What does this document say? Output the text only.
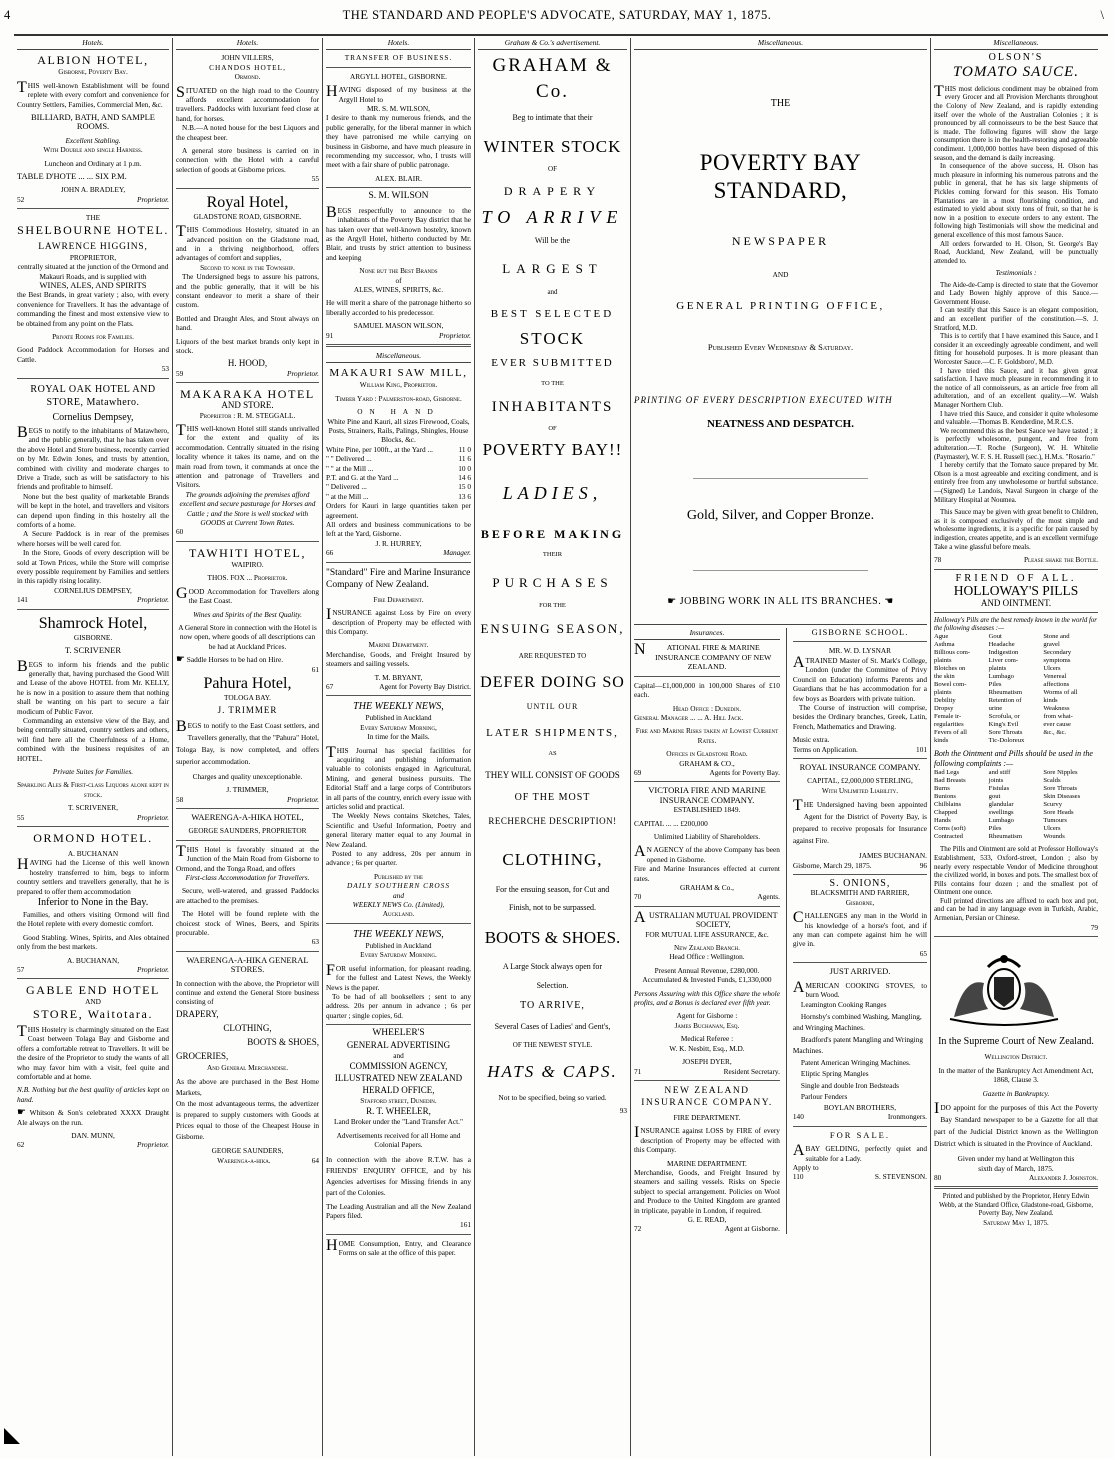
4	THE STANDARD AND PEOPLE'S ADVOCATE, SATURDAY, MAY 1, 1875.	\
Hotels.
ALBION HOTEL,
Gisborne, Poverty Bay.
THIS well-known Establishment will be found replete with every comfort and convenience for Country Settlers, Families, Commercial Men, &c.
BILLIARD, BATH, AND SAMPLE ROOMS.
Excellent Stabling.
With Double and single Harness.
Luncheon and Ordinary at 1 p.m.
TABLE D'HOTE ... ... SIX P.M.
JOHN A. BRADLEY,
52	Proprietor.
THE
SHELBOURNE HOTEL.
LAWRENCE HIGGINS,
PROPRIETOR,
centrally situated at the junction of the Ormond and Makauri Roads, and is supplied with
WINES, ALES, AND SPIRITS
the Best Brands, in great variety ; also, with every convenience for Travellers. It has the advantage of commanding the finest and most extensive view to be obtained from any point on the Flats.
Private Rooms for Families.
Good Paddock Accommodation for Horses and Cattle.
53
ROYAL OAK HOTEL AND STORE, Matawhero.
Cornelius Dempsey,
BEGS to notify to the inhabitants of Matawhero, and the public generally, that he has taken over the above Hotel and Store business, recently carried on by Mr. Edwin Jones, and trusts by attention, combined with civility and moderate charges to Drive a Trade, such as will be satisfactory to his friends and profitable to himself.
None but the best quality of marketable Brands will be kept in the hotel, and travellers and visitors can depend upon finding in this hostelry all the comforts of a home.
A Secure Paddock is in rear of the premises where horses will be well cared for.
In the Store, Goods of every description will be sold at Town Prices, while the Store will comprise every possible requirement by Families and settlers in this rapidly rising locality.
CORNELIUS DEMPSEY,
141	Proprietor.
Shamrock Hotel,
GISBORNE.
T. SCRIVENER
BEGS to inform his friends and the public generally that, having purchased the Good Will and Lease of the above HOTEL from Mr. KELLY, he is now in a position to assure them that nothing shall be wanting on his part to secure a fair modicum of Public Favor.
Commanding an extensive view of the Bay, and being centrally situated, country settlers and others, will find here all the Cheerfulness of a Home, combined with the business requisites of an HOTEL.
Private Suites for Families.
Sparkling Ales & First-class Liquors alone kept in stock.
T. SCRIVENER,
55	Proprietor.
ORMOND HOTEL.
A. BUCHANAN
HAVING had the License of this well known hostelry transferred to him, begs to inform country settlers and travellers generally, that he is prepared to offer them accommodation
Inferior to None in the Bay.
Families, and others visiting Ormond will find the Hotel replete with every domestic comfort.
Good Stabling. Wines, Spirits, and Ales obtained only from the best markets.
A. BUCHANAN,
57	Proprietor.
GABLE END HOTEL
AND
STORE, Waitotara.
THIS Hostelry is charmingly situated on the East Coast between Tolaga Bay and Gisborne and offers a comfortable retreat to Travellers. It will be the desire of the Proprietor to study the wants of all who may favor him with a visit, feel quite and comfortable and at home.
N.B. Nothing but the best quality of articles kept on hand.
☛ Whitson & Son's celebrated XXXX Draught Ale always on the run.
DAN. MUNN,
62	Proprietor.
Hotels.
JOHN VILLERS,
CHANDOS HOTEL,
Ormond.
SITUATED on the high road to the Country affords excellent accommodation for travellers. Paddocks with luxuriant feed close at hand, for horses.
N.B.—A noted house for the best Liquors and the cheapest beer.
A general store business is carried on in connection with the Hotel with a careful selection of goods at Gisborne prices.
55
Royal Hotel,
GLADSTONE ROAD, GISBORNE.
THIS Commodious Hostelry, situated in an advanced position on the Gladstone road, and in a thriving neighborhood, offers advantages of comfort and supplies,
Second to none in the Township.
The Undersigned begs to assure his patrons, and the public generally, that it will be his constant endeavor to merit a share of their custom.
Bottled and Draught Ales, and Stout always on hand.
Liquors of the best market brands only kept in stock.
H. HOOD,
59	Proprietor.
MAKARAKA HOTEL
AND STORE.
Proprietor : R. M. STEGGALL.
THIS well-known Hotel still stands unrivalled for the extent and quality of its accommodation. Centrally situated in the rising locality whence it takes its name, and on the main road from town, it commands at once the attention and patronage of Travellers and Visitors.
The grounds adjoining the premises afford excellent and secure pasturage for Horses and Cattle ; and the Store is well stocked with GOODS at Current Town Rates.
60
TAWHITI HOTEL,
WAIPIRO.
THOS. FOX ... Proprietor.
GOOD Accommodation for Travellers along the East Coast.
Wines and Spirits of the Best Quality.
A General Store in connection with the Hotel is now open, where goods of all descriptions can be had at Auckland Prices.
☛ Saddle Horses to be had on Hire.
61
Pahura Hotel,
TOLOGA BAY.
J. TRIMMER
BEGS to notify to the East Coast settlers, and Travellers generally, that the "Pahura" Hotel, Tologa Bay, is now completed, and offers superior accommodation.
Charges and quality unexceptionable.
J. TRIMMER,
58	Proprietor.
WAERENGA-A-HIKA HOTEL,
GEORGE SAUNDERS, PROPRIETOR
THIS Hotel is favorably situated at the Junction of the Main Road from Gisborne to Ormond, and the Tonga Road, and offers
First-class Accommodation for Travellers.
Secure, well-watered, and grassed Paddocks are attached to the premises.
The Hotel will be found replete with the choicest stock of Wines, Beers, and Spirits procurable.
63
WAERENGA-A-HIKA GENERAL STORES.
In connection with the above, the Proprietor will continue and extend the General Store business consisting of
DRAPERY,
CLOTHING,
BOOTS & SHOES,
GROCERIES,
And General Merchandise.
As the above are purchased in the Best Home Markets,
On the most advantageous terms, the advertizer is prepared to supply customers with Goods at Prices equal to those of the Cheapest House in Gisborne.
GEORGE SAUNDERS,
Waerenga-a-hika.	64
Hotels.
TRANSFER OF BUSINESS.
ARGYLL HOTEL, GISBORNE.
HAVING disposed of my business at the Argyll Hotel to
MR. S. M. WILSON,
I desire to thank my numerous friends, and the public generally, for the liberal manner in which they have patronised me while carrying on business in Gisborne, and have much pleasure in recommending my successor, who, I trusts will meet with a fair share of public patronage.
ALEX. BLAIR.
S. M. WILSON
BEGS respectfully to announce to the inhabitants of the Poverty Bay district that he has taken over that well-known hostelry, known as the Argyll Hotel, hitherto conducted by Mr. Blair, and trusts by strict attention to business and keeping
None but the Best Brands
of
ALES, WINES, SPIRITS, &c.
He will merit a share of the patronage hitherto so liberally accorded to his predecessor.
SAMUEL MASON WILSON,
91	Proprietor.
Miscellaneous.
MAKAURI SAW MILL,
William King, Proprietor.
Timber Yard : Palmerston-road, Gisborne.
ON HAND
White Pine and Kauri, all sizes Firewood, Coals, Posts, Strainers, Rails, Palings, Shingles, House Blocks, &c.
White Pine, per 100ft., at the Yard ...	11 0
" " Delivered ...	11 6
" " at the Mill ...	10 0
P.T. and G. at the Yard ...	14 6
" Delivered ...	15 0
" at the Mill ...	13 6
Orders for Kauri in large quantities taken per agreement.
All orders and business communications to be left at the Yard, Gisborne.
J. R. HURREY,
66	Manager.
"Standard" Fire and Marine Insurance Company of New Zealand.
Fire Department.
INSURANCE against Loss by Fire on every description of Property may be effected with this Company.
Marine Department.
Merchandise, Goods, and Freight Insured by steamers and sailing vessels.
T. M. BRYANT,
67	Agent for Poverty Bay District.
THE WEEKLY NEWS,
Published in Auckland
Every Saturday Morning,
In time for the Mails.
THIS Journal has special facilities for acquiring and publishing information valuable to colonists engaged in Agricultural, Mining, and general business pursuits. The Editorial Staff and a large corps of Contributors in all parts of the country, enrich every issue with articles solid and practical.
The Weekly News contains Sketches, Tales, Scientific and Useful Information, Poetry and general literary matter equal to any Journal in New Zealand.
Posted to any address, 20s per annum in advance ; 6s per quarter.
Published by the
DAILY SOUTHERN CROSS
and
WEEKLY NEWS Co. (Limited),
Auckland.
THE WEEKLY NEWS,
Published in Auckland
Every Saturday Morning.
FOR useful information, for pleasant reading, for the fullest and Latest News, the Weekly News is the paper.
To be had of all booksellers ; sent to any address. 20s per annum in advance ; 6s per quarter ; single copies, 6d.
WHEELER'S
GENERAL ADVERTISING
and
COMMISSION AGENCY,
ILLUSTRATED NEW ZEALAND
HERALD OFFICE,
Stafford street, Dunedin.
R. T. WHEELER,
Land Broker under the "Land Transfer Act."
Advertisements received for all Home and Colonial Papers.
In connection with the above R.T.W. has a FRIENDS' ENQUIRY OFFICE, and by his Agencies advertises for Missing friends in any part of the Colonies.
The Leading Australian and all the New Zealand Papers filed.
161
HOME Consumption, Entry, and Clearance Forms on sale at the office of this paper.
Graham & Co.'s advertisement.
GRAHAM & Co.
Beg to intimate that their
WINTER STOCK
OF
DRAPERY
TO ARRIVE
Will be the
LARGEST
and
BEST SELECTED
STOCK
EVER SUBMITTED
TO THE
INHABITANTS
OF
POVERTY BAY!!
LADIES,
BEFORE MAKING
THEIR
PURCHASES
FOR THE
ENSUING SEASON,
ARE REQUESTED TO
DEFER DOING SO
UNTIL OUR
LATER SHIPMENTS,
AS
THEY WILL CONSIST OF GOODS
OF THE MOST
RECHERCHE DESCRIPTION!
CLOTHING,
For the ensuing season, for Cut and
Finish, not to be surpassed.
BOOTS & SHOES.
A Large Stock always open for
Selection.
TO ARRIVE,
Several Cases of Ladies' and Gent's,
OF THE NEWEST STYLE.
HATS & CAPS.
Not to be specified, being so varied.
93
Miscellaneous.
THE
POVERTY BAY STANDARD,
NEWSPAPER
AND
GENERAL PRINTING OFFICE,
Published Every Wednesday & Saturday.
PRINTING OF EVERY DESCRIPTION EXECUTED WITH
NEATNESS AND DESPATCH.
Gold, Silver, and Copper Bronze.
☛ JOBBING WORK IN ALL ITS BRANCHES. ☚
Insurances.
NATIONAL FIRE & MARINE INSURANCE COMPANY OF NEW ZEALAND.
Capital—£1,000,000 in 100,000 Shares of £10 each.
Head Office : Dunedin.
General Manager ... ... A. Hill Jack.
Fire and Marine Risks taken at Lowest Current Rates.
Offices in Gladstone Road.
GRAHAM & CO.,
69	Agents for Poverty Bay.
VICTORIA FIRE AND MARINE INSURANCE COMPANY.
ESTABLISHED 1849.
CAPITAL ... ... £200,000
Unlimited Liability of Shareholders.
AN AGENCY of the above Company has been opened in Gisborne.
Fire and Marine Insurances effected at current rates.
GRAHAM & Co.,
70	Agents.
AUSTRALIAN MUTUAL PROVIDENT SOCIETY,
FOR MUTUAL LIFE ASSURANCE, &c.
New Zealand Branch.
Head Office : Wellington.
Present Annual Revenue, £280,000.
Accumulated & Invested Funds, £1,330,000
Persons Assuring with this Office share the whole profits, and a Bonus is declared ever fifth year.
Agent for Gisborne :
James Buchanan, Esq.
Medical Referee :
W. K. Nesbitt, Esq., M.D.
JOSEPH DYER,
71	Resident Secretary.
NEW ZEALAND INSURANCE COMPANY.
FIRE DEPARTMENT.
INSURANCE against LOSS by FIRE of every description of Property may be effected with this Company.
MARINE DEPARTMENT.
Merchandise, Goods, and Freight Insured by steamers and sailing vessels. Risks on Specie subject to special arrangement. Policies on Wool and Produce to the United Kingdom are granted in triplicate, payable in London, if required.
G. E. READ,
72	Agent at Gisborne.
GISBORNE SCHOOL.
MR. W. D. LYSNAR
ATRAINED Master of St. Mark's College, London (under the Committee of Privy Council on Education) informs Parents and Guardians that he has accommodation for a few boys as Boarders with private tuition.
The Course of instruction will comprise, besides the Ordinary branches, Greek, Latin, French, Mathematics and Drawing.
Music extra.
Terms on Application.	101
ROYAL INSURANCE COMPANY.
CAPITAL, £2,000,000 STERLING,
With Unlimited Liability.
THE Undersigned having been appointed Agent for the District of Poverty Bay, is prepared to receive proposals for Insurance against Fire.
JAMES BUCHANAN.
Gisborne, March 29, 1875.	96
S. ONIONS,
BLACKSMITH AND FARRIER,
Gisborne,
CHALLENGES any man in the World in his knowledge of a horse's foot, and if any man can compete against him he will give in.
65
JUST ARRIVED.
AMERICAN COOKING STOVES, to burn Wood.
Leamington Cooking Ranges
Hornsby's combined Washing, Mangling, and Wringing Machines.
Bradford's patent Mangling and Wringing Machines.
Patent American Wringing Machines.
Eliptic Spring Mangles
Single and double Iron Bedsteads
Parlour Fenders
BOYLAN BROTHERS,
140	Ironmongers.
FOR SALE.
ABAY GELDING, perfectly quiet and suitable for a Lady.
Apply to
110	S. STEVENSON.
Miscellaneous.
OLSON'S
TOMATO SAUCE.
THIS most delicious condiment may be obtained from every Grocer and all Provision Merchants throughout the Colony of New Zealand, and is rapidly extending itself over the whole of the Australian Colonies ; it is pronounced by all connoisseurs to be the best Sauce that is made. The following figures will show the large consumption there is in the health-restoring and agreeable condiment. 1,000,000 bottles have been disposed of this season, and the demand is daily increasing.
In consequence of the above success, H. Olson has much pleasure in informing his numerous patrons and the public in general, that he has six large shipments of Pickles coming forward for this season. His Tomato Plantations are in a most flourishing condition, and estimated to yield about sixty tons of fruit, so that he is now in a position to execute orders to any extent. The following high Testimonials will show the medicinal and general excellence of this most famous Sauce.
All orders forwarded to H. Olson, St. George's Bay Road, Auckland, New Zealand, will be punctually attended to.
Testimonials :
The Aide-de-Camp is directed to state that the Governor and Lady Bowen highly approve of this Sauce.—Government House.
I can testify that this Sauce is an elegant composition, and an excellent purifier of the constitution.—S. J. Stratford, M.D.
This is to certify that I have examined this Sauce, and I consider it an exceedingly agreeable condiment, and well fitting for household purposes. It is more pleasant than Worcester Sauce.—C. F. Goldsboro', M.D.
I have tried this Sauce, and it has given great satisfaction. I have much pleasure in recommending it to the notice of all connoisseurs, as an article free from all adulteration, and of an excellent quality.—W. Walsh Manager Northern Club.
I have tried this Sauce, and consider it quite wholesome and valuable.—Thomas B. Kenderdine, M.R.C.S.
We recommend this as the best Sauce we have tasted ; it is perfectly wholesome, pungent, and free from adulteration.—T. Roche (Surgeon), W. H. Whitelie (Paymaster), W. F. S. H. Russell (sec.), H.M.s. "Rosario."
I hereby certify that the Tomato sauce prepared by Mr. Olson is a most agreeable and exciting condiment, and is entirely free from any unwholesome or hurtful substance.—(Signed) Le Landois, Naval Surgeon in charge of the Military Hospital at Noumea.
This Sauce may be given with great benefit to Children, as it is composed exclusively of the most simple and wholesome ingredients, it is a specific for pain caused by indigestion, creates appetite, and is an excellent vermifuge Take a wine glassful before meals.
78	Please shake the Bottle.
FRIEND OF ALL.
HOLLOWAY'S PILLS
AND OINTMENT.
Holloway's Pills are the best remedy known in the world for the following diseases :—
Ague	Gout	Stone and
Asthma	Headache	gravel
Billious com-	Indigestion	Secondary
plaints	Liver com-	symptoms
Blotches on	plaints	Ulcers
the skin	Lumbago	Venereal
Bowel com-	Piles	affections
plaints	Rheumatism	Worms of all
Debility	Retention of	kinds
Dropsy	urine	Weakness
Female ir-	Scrofula, or	from what-
regularities	King's Evil	ever cause
Fevers of all	Sore Throats	&c., &c.
kinds	Tic-Doloreux
Both the Ointment and Pills should be used in the following complaints :—
Bad Legs	and stiff	Sore Nipples
Bad Breasts	joints	Scalds
Burns	Fistulas	Sore Throats
Bunions	gout	Skin Diseases
Chilblains	glandular	Scurvy
Chapped	swellings	Sore Heads
Hands	Lumbago	Tumours
Corns (soft)	Piles	Ulcers
Contracted	Rheumatism	Wounds
The Pills and Ointment are sold at Professor Holloway's Establishment, 533, Oxford-street, London ; also by nearly every respectable Vendor of Medicine throughout the civilized world, in boxes and pots. The smallest box of Pills contains four dozen ; and the smallest pot of Ointment one ounce.
Full printed directions are affixed to each box and pot, and can be had in any language even in Turkish, Arabic, Armenian, Persian or Chinese.
79
In the Supreme Court of New Zealand.
Wellington District.
In the matter of the Bankruptcy Act Amendment Act, 1868, Clause 3.
Gazette in Bankruptcy.
IDO appoint for the purposes of this Act the Poverty Bay Standard newspaper to be a Gazette for all that part of the Judicial District known as the Wellington District which is situated in the Province of Auckland.
Given under my hand at Wellington this sixth day of March, 1875.
80	Alexander J. Johnston.
Printed and published by the Proprietor, Henry Edwin Webb, at the Standard Office, Gladstone-road, Gisborne, Poverty Bay, New Zealand.
Saturday May 1, 1875.
